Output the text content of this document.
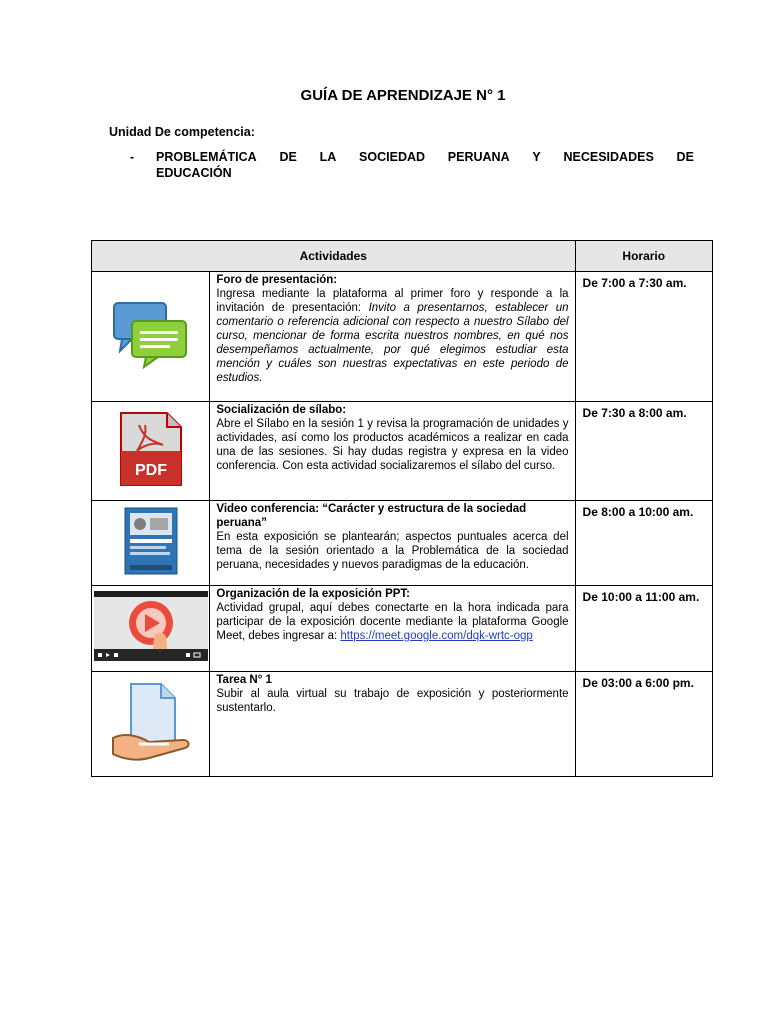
GUÍA DE APRENDIZAJE N° 1
Unidad De competencia:
- PROBLEMÁTICA DE LA SOCIEDAD PERUANA Y NECESIDADES DE
EDUCACIÓN
Actividades		Horario

Foro de presentación:
Ingresa mediante la plataforma al primer foro y responde a la invitación de presentación: Invito a presentarnos, establecer un comentario o referencia adicional con respecto a nuestro Sílabo del curso, mencionar de forma escrita nuestros nombres, en qué nos desempeñamos actualmente, por qué elegimos estudiar esta mención y cuáles son nuestras expectativas en este periodo de estudios.	De 7:00 a 7:30 am.

PDF	Socialización de sílabo:
Abre el Sílabo en la sesión 1 y revisa la programación de unidades y actividades, así como los productos académicos a realizar en cada una de las sesiones. Si hay dudas registra y expresa en la video conferencia. Con esta actividad socializaremos el sílabo del curso.	De 7:30 a 8:00 am.

Video conferencia: “Carácter y estructura de la sociedad peruana”
En esta exposición se plantearán; aspectos puntuales acerca del tema de la sesión orientado a la Problemática de la sociedad peruana, necesidades y nuevos paradigmas de la educación.	De 8:00 a 10:00 am.

Organización de la exposición PPT:
Actividad grupal, aquí debes conectarte en la hora indicada para participar de la exposición docente mediante la plataforma Google Meet, debes ingresar a: https://meet.google.com/dqk-wrtc-ogp	De 10:00 a 11:00 am.

Tarea N° 1
Subir al aula virtual su trabajo de exposición y posteriormente sustentarlo.	De 03:00 a 6:00 pm.
